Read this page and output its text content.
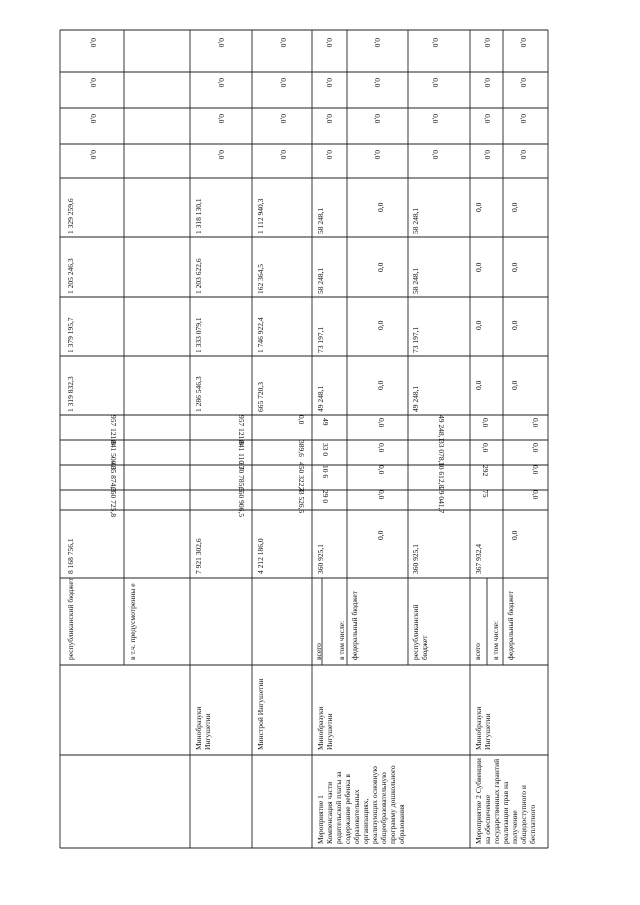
республиканский бюджет	в т.ч. предусмотренны е
8 168 756,1
1 319 832,3
1 379 195,7
1 205 246,3
1 329 259,6
485 874,3
650 725,8
841 500,3
957 121,8
0,0
0,0
0,0
0,0
Минобразуки Ингушетии
7 921 302,6
1 286 546,3
1 333 079,1
1 203 622,6
1 318 130,1
330 785,5
650 906,5
841 110,7
957 121,8
0,0
0,0
0,0
0,0
Минстрой Ингушетии
4 212 186,0
665 720,3
1 746 922,4
162 364,5
1 112 940,3
450 322,4
73 526,5
389,6
0,0
0,0
0,0
0,0
0,0
Мероприятие 1 Компенсация части родительской платы за содержание ребенка в образовательных организациях, реализующих основную общеобразовательную программу дошкольного образования
Минобразуки Ингушетии
всего в том числе: федеральный бюджет	республиканский бюджет
360 925,1
49 248,1
73 197,1
58 248,1
58 248,1
10 6
29 0
33 0
49
0,0
0,0
0,0
0,0
0,0
0,0
0,0
0,0
0,0
0,0
0,0
0,0
0,0
0,0
0,0
0,0
0,0
360 925,1
49 248,1
73 197,1
58 248,1
58 248,1
10 612,8
29 041,7
33 078,1
49 248,1
0,0
0,0
0,0
0,0
Мероприятие 2 Субвенции на обеспечение государственных гарантий реализации прав на получение общедоступного и бесплатного
Минобразуки Ингушетии
всего в том числе: федеральный бюджет
367 932,4
0,0
0,0
0,0
0,0
292
75
0,0
0,0
0,0
0,0
0,0
0,0
0,0
0,0
0,0
0,0
0,0
0,0
0,0
0,0
0,0
0,0
0,0
0,0
0,0
